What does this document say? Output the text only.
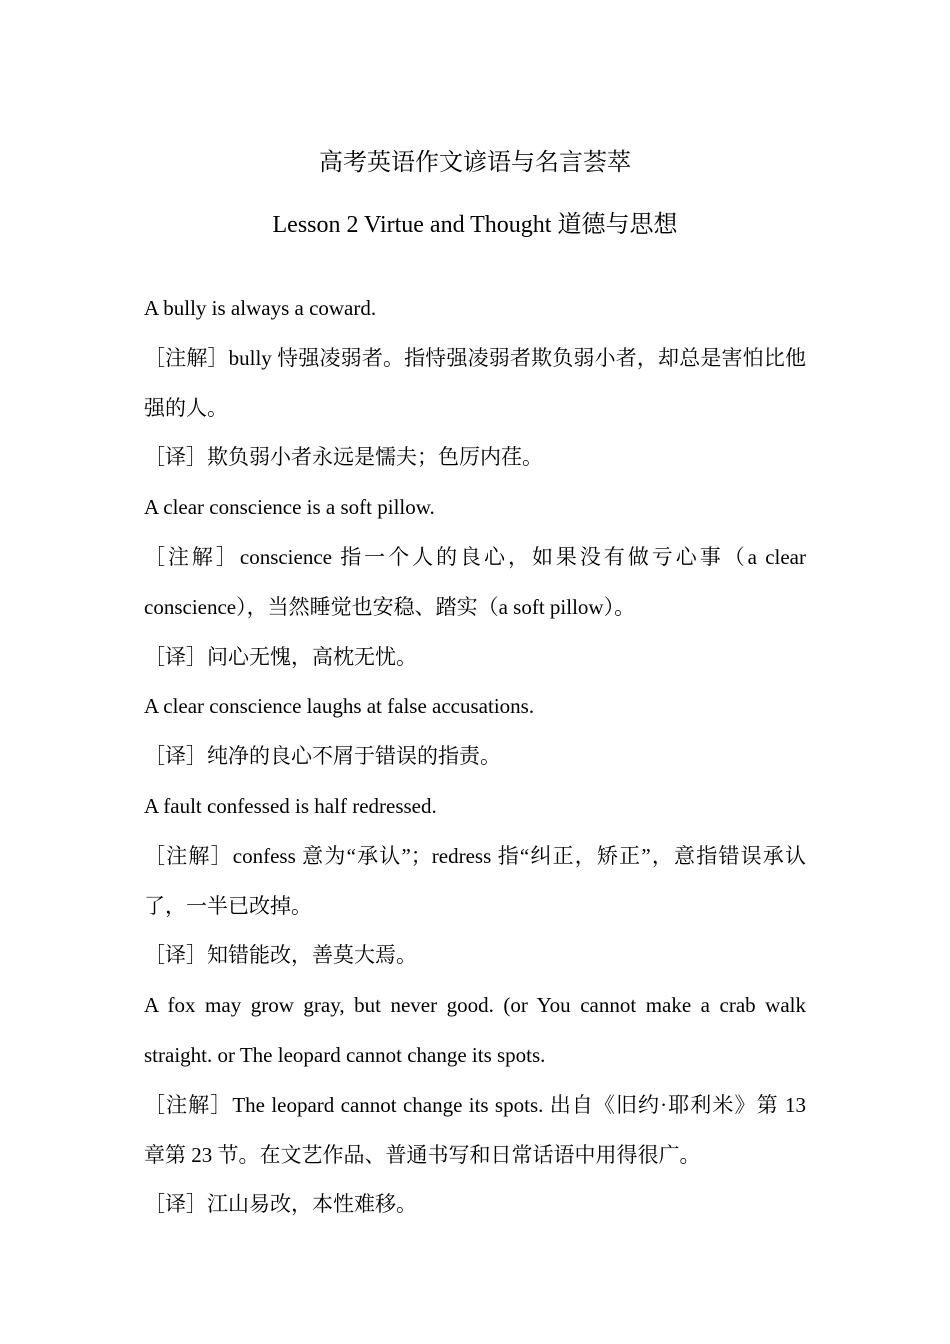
高考英语作文谚语与名言荟萃
Lesson 2 Virtue and Thought 道德与思想

A bully is always a coward.

［注解］bully 恃强凌弱者。指恃强凌弱者欺负弱小者，却总是害怕比他强的人。

［译］欺负弱小者永远是懦夫；色厉内荏。

A clear conscience is a soft pillow.

［注解］conscience 指一个人的良心，如果没有做亏心事（a clear conscience），当然睡觉也安稳、踏实（a soft pillow）。

［译］问心无愧，高枕无忧。

A clear conscience laughs at false accusations.

［译］纯净的良心不屑于错误的指责。

A fault confessed is half redressed.

［注解］confess 意为“承认”；redress 指“纠正，矫正”，意指错误承认了，一半已改掉。

［译］知错能改，善莫大焉。

A fox may grow gray, but never good. (or You cannot make a crab walk straight. or The leopard cannot change its spots.

［注解］The leopard cannot change its spots. 出自《旧约·耶利米》第 13 章第 23 节。在文艺作品、普通书写和日常话语中用得很广。

［译］江山易改，本性难移。
